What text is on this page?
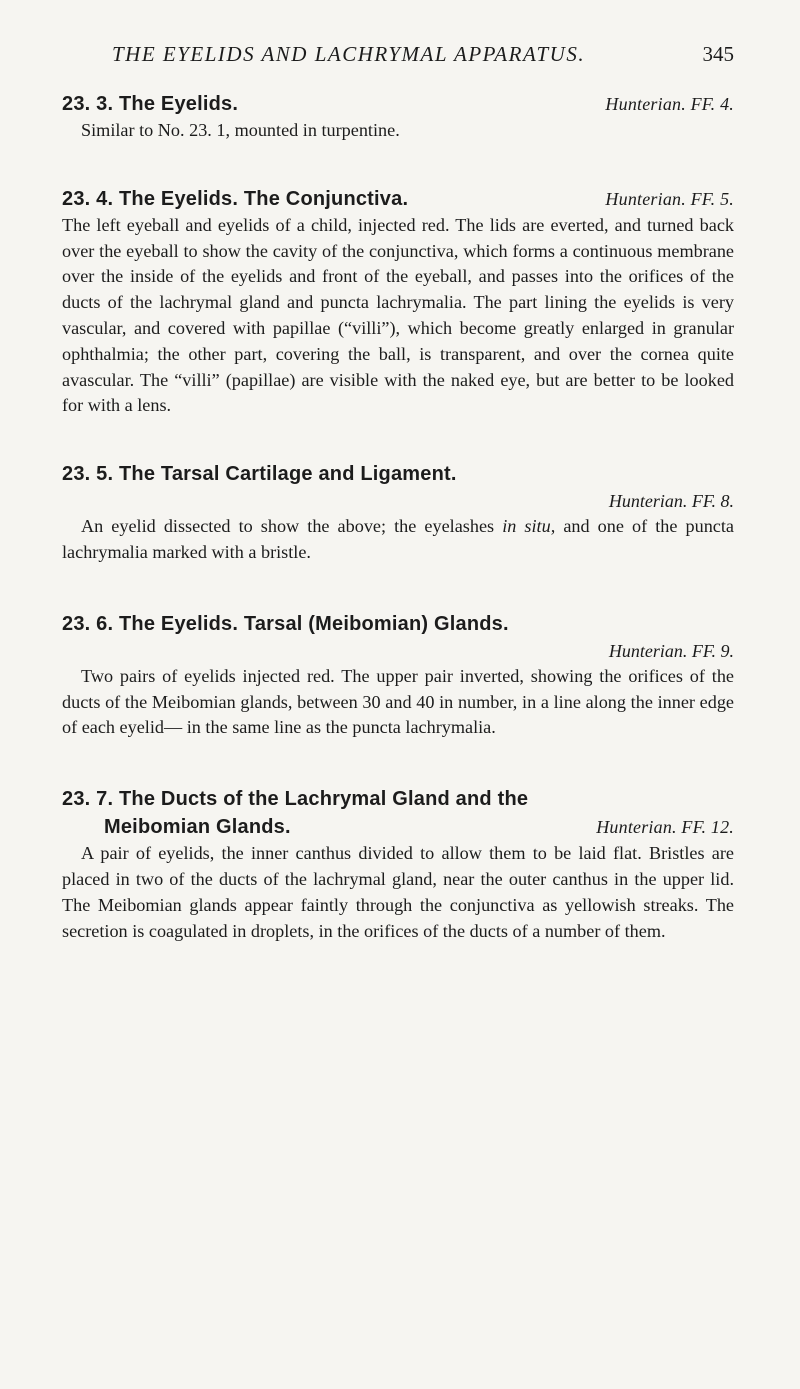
THE EYELIDS AND LACHRYMAL APPARATUS.	345
23. 3. The Eyelids.	Hunterian. FF. 4.

Similar to No. 23. 1, mounted in turpentine.

23. 4. The Eyelids. The Conjunctiva.	Hunterian. FF. 5.

The left eyeball and eyelids of a child, injected red. The lids are everted, and turned back over the eyeball to show the cavity of the conjunctiva, which forms a continuous membrane over the inside of the eyelids and front of the eyeball, and passes into the orifices of the ducts of the lachrymal gland and puncta lachrymalia. The part lining the eyelids is very vascular, and covered with papillae (“villi”), which become greatly enlarged in granular ophthalmia; the other part, covering the ball, is transparent, and over the cornea quite avascular. The “villi” (papillae) are visible with the naked eye, but are better to be looked for with a lens.

23. 5. The Tarsal Cartilage and Ligament.
Hunterian. FF. 8.

An eyelid dissected to show the above; the eyelashes in situ, and one of the puncta lachrymalia marked with a bristle.

23. 6. The Eyelids. Tarsal (Meibomian) Glands.
Hunterian. FF. 9.

Two pairs of eyelids injected red. The upper pair inverted, showing the orifices of the ducts of the Meibomian glands, between 30 and 40 in number, in a line along the inner edge of each eyelid— in the same line as the puncta lachrymalia.

23. 7. The Ducts of the Lachrymal Gland and the
Meibomian Glands.	Hunterian. FF. 12.

A pair of eyelids, the inner canthus divided to allow them to be laid flat. Bristles are placed in two of the ducts of the lachrymal gland, near the outer canthus in the upper lid. The Meibomian glands appear faintly through the conjunctiva as yellowish streaks. The secretion is coagulated in droplets, in the orifices of the ducts of a number of them.
